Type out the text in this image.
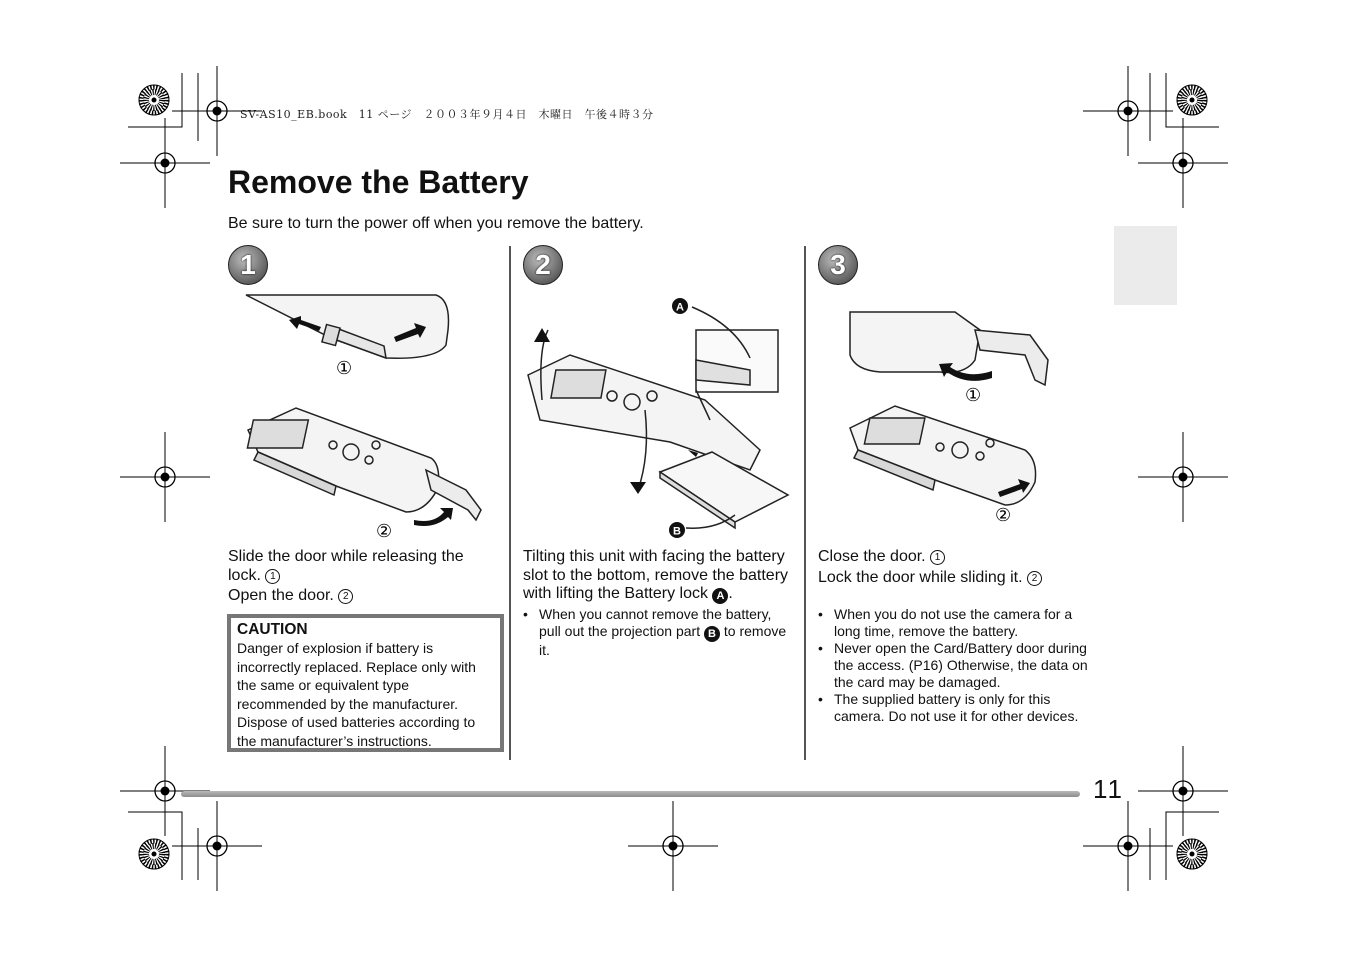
SV-AS10_EB.book　11 ページ　２００３年９月４日　木曜日　午後４時３分
Remove the Battery
Be sure to turn the power off when you remove the battery.
1	2	3
①
②
A
B
①
②

Slide the door while releasing the lock. 1

Open the door. 2

CAUTION
Danger of explosion if battery is incorrectly replaced. Replace only with the same or equivalent type recommended by the manufacturer. Dispose of used batteries according to the manufacturer’s instructions.

Tilting this unit with facing the battery slot to the bottom, remove the battery with lifting the Battery lock A .

• When you cannot remove the battery, pull out the projection part B to remove it.

Close the door. 1

Lock the door while sliding it. 2

• When you do not use the camera for a long time, remove the battery.
• Never open the Card/Battery door during the access. (P16) Otherwise, the data on the card may be damaged.
• The supplied battery is only for this camera. Do not use it for other devices.
11
